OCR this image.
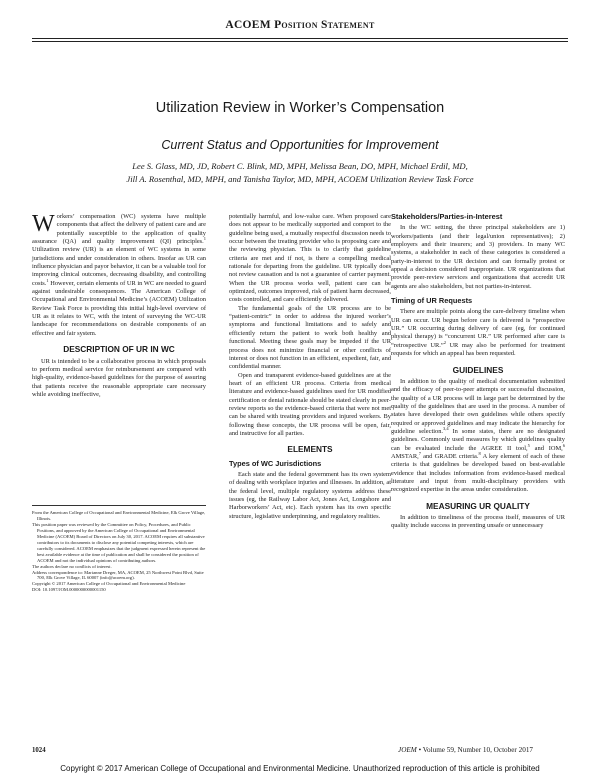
ACOEM Position Statement
Utilization Review in Worker’s Compensation
Current Status and Opportunities for Improvement
Lee S. Glass, MD, JD, Robert C. Blink, MD, MPH, Melissa Bean, DO, MPH, Michael Erdil, MD,
Jill A. Rosenthal, MD, MPH, and Tanisha Taylor, MD, MPH, ACOEM Utilization Review Task Force

Workers’ compensation (WC) systems have multiple components that affect the delivery of patient care and are potentially susceptible to the application of quality assurance (QA) and quality improvement (QI) principles.$^1$ Utilization review (UR) is an element of WC systems in some jurisdictions and under consideration in others. Insofar as UR can influence physician and payor behavior, it can be a valuable tool for improving clinical outcomes, decreasing disability, and controlling costs.$^1$ However, certain elements of UR in WC are needed to guard against undesirable consequences. The American College of Occupational and Environmental Medicine’s (ACOEM) Utilization Review Task Force is providing this initial high-level overview of UR as it relates to WC, with the intent of surveying the WC-UR landscape for recommendations on desirable components of an effective and fair system.

DESCRIPTION OF UR IN WC

UR is intended to be a collaborative process in which proposals to perform medical service for reimbursement are compared with high-quality, evidence-based guidelines for the purpose of assuring that patients receive the reasonable appropriate care necessary while avoiding ineffective,

From the American College of Occupational and Environmental Medicine, Elk Grove Village, Illinois.

This position paper was reviewed by the Committee on Policy, Procedures, and Public Positions, and approved by the American College of Occupational and Environmental Medicine (ACOEM) Board of Directors on July 30, 2017. ACOEM requires all substantive contributors to its documents to disclose any potential competing interests, which are carefully considered. ACOEM emphasizes that the judgment expressed herein represent the best available evidence at the time of publication and shall be considered the position of ACOEM and not the individual opinions of contributing authors.

The authors declare no conflicts of interest.

Address correspondence to: Marianne Dreger, MA, ACOEM, 25 Northwest Point Blvd, Suite 700, Elk Grove Village, IL 60007 (info@acoem.org).

Copyright © 2017 American College of Occupational and Environmental Medicine

DOI: 10.1097/JOM.0000000000001150

potentially harmful, and low-value care. When proposed care does not appear to be medically supported and comport to the guideline being used, a mutually respectful discussion needs to occur between the treating provider who is proposing care and the reviewing physician. This is to clarify that guideline criteria are met and if not, is there a compelling medical rationale for departing from the guideline. UR typically does not review causation and is not a guarantee of carrier payment. When the UR process works well, patient care can be optimized, outcomes improved, risk of patient harm decreased, costs controlled, and care efficiently delivered.

The fundamental goals of the UR process are to be “patient-centric” in order to address the injured worker’s symptoms and functional limitations and to safely and efficiently return the patient to work both healthy and functional. Meeting these goals may be impeded if the UR process does not minimize financial or other conflicts of interest or does not function in an efficient, expedient, fair, and confidential manner.

Open and transparent evidence-based guidelines are at the heart of an efficient UR process. Criteria from medical literature and evidence-based guidelines used for UR modified certification or denial rationale should be stated clearly in peer-review reports so the evidence-based criteria that were not met can be shared with treating providers and injured workers. By following these concepts, the UR process will be open, fair, and instructive for all parties.

ELEMENTS
Types of WC Jurisdictions

Each state and the federal government has its own system of dealing with workplace injuries and illnesses. In addition, at the federal level, multiple regulatory systems address these issues (eg, the Railway Labor Act, Jones Act, Longshore and Harborworkers’ Act, etc). Each system has its own specific structure, legislative underpinning, and regulatory realities.

Stakeholders/Parties-in-Interest

In the WC setting, the three principal stakeholders are 1) workers/patients (and their legal/union representatives); 2) employers and their insurers; and 3) providers. In many WC systems, a stakeholder in each of these categories is considered a party-in-interest to the UR decision and can formally protest or appeal a decision considered inappropriate. UR organizations that provide peer-review services and organizations that accredit UR agents are also stakeholders, but not parties-in-interest.

Timing of UR Requests

There are multiple points along the care-delivery timeline when UR can occur. UR begun before care is delivered is “prospective UR.” UR occurring during delivery of care (eg, for continued physical therapy) is “concurrent UR.” UR performed after care is “retrospective UR.”$^2$ UR may also be performed for treatment requests for which an appeal has been requested.

GUIDELINES

In addition to the quality of medical documentation submitted and the efficacy of peer-to-peer attempts or successful discussion, the quality of a UR process will in large part be determined by the quality of the guidelines that are used in the process. A number of states have developed their own guidelines while others specify required or approved guidelines and may indicate the hierarchy for guideline selection.$^{3,4}$ In some states, there are no designated guidelines. Commonly used measures by which guidelines quality can be evaluated include the AGREE II tool,$^5$ and IOM,$^6$ AMSTAR,$^7$ and GRADE criteria.$^8$ A key element of each of these criteria is that guidelines be developed based on best-available evidence that includes information from evidence-based medical literature and input from multi-disciplinary providers with recognized expertise in the areas under consideration.

MEASURING UR QUALITY

In addition to timeliness of the process itself, measures of UR quality include success in preventing unsafe or unnecessary

1024	JOEM • Volume 59, Number 10, October 2017
Copyright © 2017 American College of Occupational and Environmental Medicine. Unauthorized reproduction of this article is prohibited
